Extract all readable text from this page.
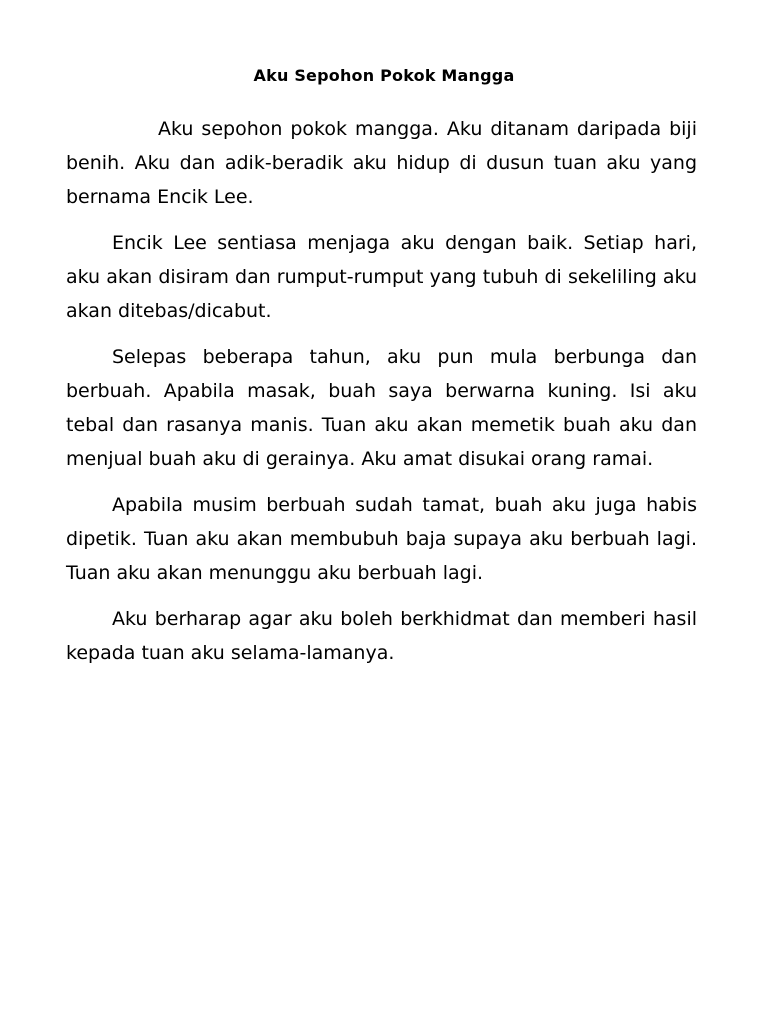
Aku Sepohon Pokok Mangga

Aku sepohon pokok mangga. Aku ditanam daripada biji benih. Aku dan adik-beradik aku hidup di dusun tuan aku yang bernama Encik Lee.

Encik Lee sentiasa menjaga aku dengan baik. Setiap hari, aku akan disiram dan rumput-rumput yang tubuh di sekeliling aku akan ditebas/dicabut.

Selepas beberapa tahun, aku pun mula berbunga dan berbuah. Apabila masak, buah saya berwarna kuning. Isi aku tebal dan rasanya manis. Tuan aku akan memetik buah aku dan menjual buah aku di gerainya. Aku amat disukai orang ramai.

Apabila musim berbuah sudah tamat, buah aku juga habis dipetik. Tuan aku akan membubuh baja supaya aku berbuah lagi. Tuan aku akan menunggu aku berbuah lagi.

Aku berharap agar aku boleh berkhidmat dan memberi hasil kepada tuan aku selama-lamanya.
